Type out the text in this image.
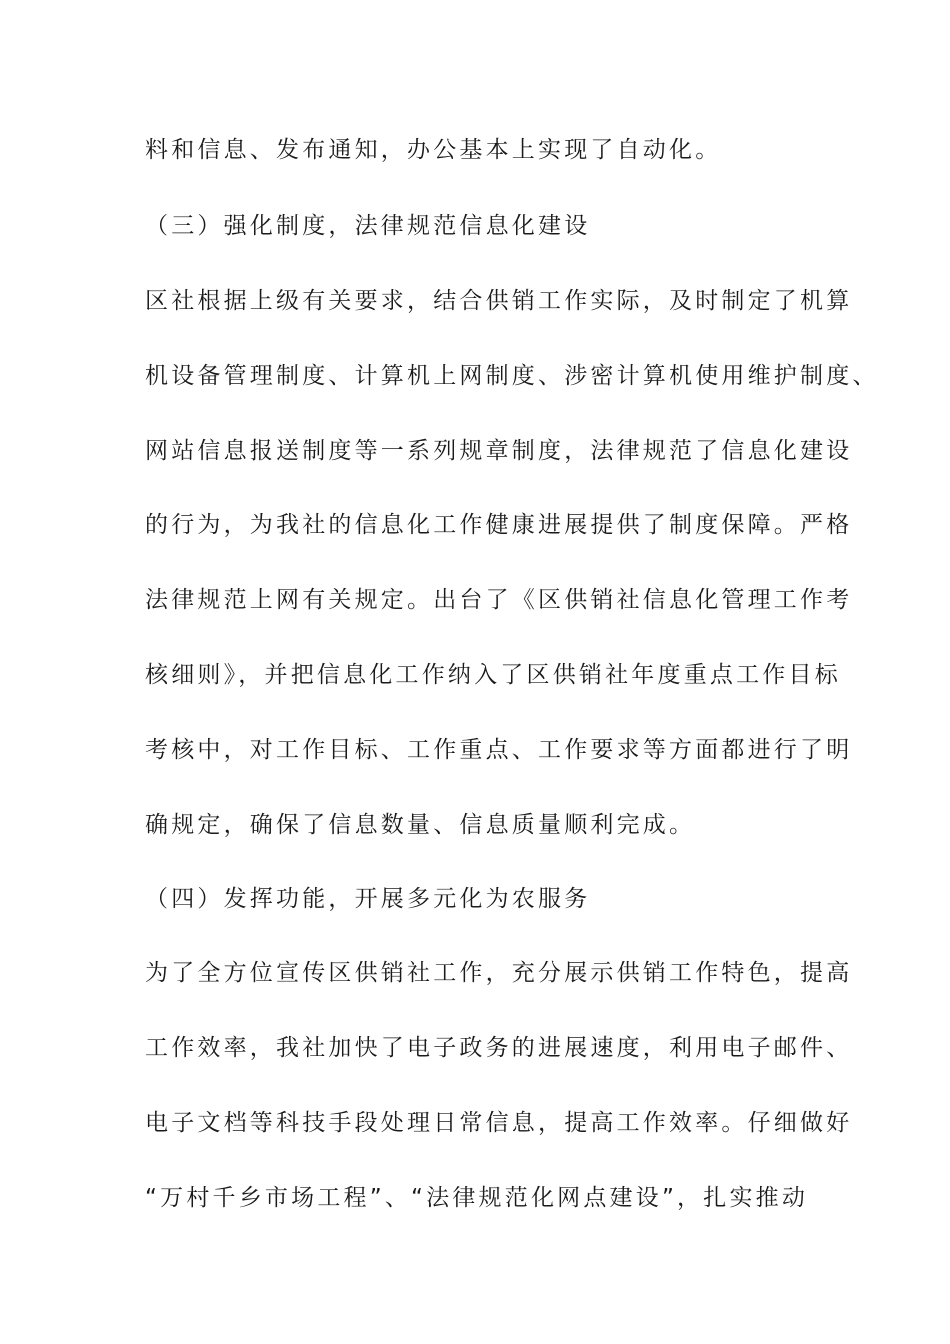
料和信息、发布通知，办公基本上实现了自动化。
（三）强化制度，法律规范信息化建设
区社根据上级有关要求，结合供销工作实际，及时制定了机算
机设备管理制度、计算机上网制度、涉密计算机使用维护制度、
网站信息报送制度等一系列规章制度，法律规范了信息化建设
的行为，为我社的信息化工作健康进展提供了制度保障。严格
法律规范上网有关规定。出台了《区供销社信息化管理工作考
核细则》，并把信息化工作纳入了区供销社年度重点工作目标
考核中，对工作目标、工作重点、工作要求等方面都进行了明
确规定，确保了信息数量、信息质量顺利完成。
（四）发挥功能，开展多元化为农服务
为了全方位宣传区供销社工作，充分展示供销工作特色，提高
工作效率，我社加快了电子政务的进展速度，利用电子邮件、
电子文档等科技手段处理日常信息，提高工作效率。仔细做好
“万村千乡市场工程”、“法律规范化网点建设”，扎实推动
